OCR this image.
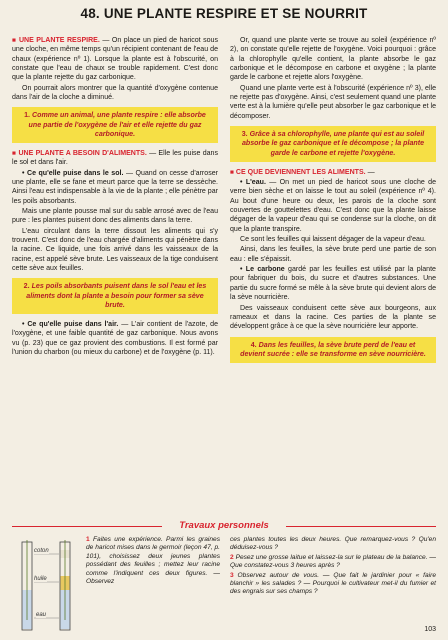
48. UNE PLANTE RESPIRE ET SE NOURRIT

■ UNE PLANTE RESPIRE. — On place un pied de haricot sous une cloche, en même temps qu'un récipient contenant de l'eau de chaux (expérience nº 1). Lorsque la plante est à l'obscurité, on constate que l'eau de chaux se trouble rapidement. C'est donc que la plante rejette du gaz carbonique.

On pourrait alors montrer que la quantité d'oxygène contenue dans l'air de la cloche a diminué.

1. Comme un animal, une plante respire : elle absorbe une partie de l'oxygène de l'air et elle rejette du gaz carbonique.

■ UNE PLANTE A BESOIN D'ALIMENTS. — Elle les puise dans le sol et dans l'air.

• Ce qu'elle puise dans le sol. — Quand on cesse d'arroser une plante, elle se fane et meurt parce que la terre se dessèche. Ainsi l'eau est indispensable à la vie de la plante ; elle pénètre par les poils absorbants.

Mais une plante pousse mal sur du sable arrosé avec de l'eau pure : les plantes puisent donc des aliments dans la terre.

L'eau circulant dans la terre dissout les aliments qui s'y trouvent. C'est donc de l'eau chargée d'aliments qui pénètre dans la racine. Ce liquide, une fois arrivé dans les vaisseaux de la racine, est appelé sève brute. Les vaisseaux de la tige conduisent cette sève aux feuilles.

2. Les poils absorbants puisent dans le sol l'eau et les aliments dont la plante a besoin pour former sa sève brute.

• Ce qu'elle puise dans l'air. — L'air contient de l'azote, de l'oxygène, et une faible quantité de gaz carbonique. Nous avons vu (p. 23) que ce gaz provient des combustions. Il est formé par l'union du charbon (ou mieux du carbone) et de l'oxygène (p. 11).

Or, quand une plante verte se trouve au soleil (expérience nº 2), on constate qu'elle rejette de l'oxygène. Voici pourquoi : grâce à la chlorophylle qu'elle contient, la plante absorbe le gaz carbonique et le décompose en carbone et oxygène ; la plante garde le carbone et rejette alors l'oxygène.

Quand une plante verte est à l'obscurité (expérience nº 3), elle ne rejette pas d'oxygène. Ainsi, c'est seulement quand une plante verte est à la lumière qu'elle peut absorber le gaz carbonique et le décomposer.

3. Grâce à sa chlorophylle, une plante qui est au soleil absorbe le gaz carbonique et le décompose ; la plante garde le carbone et rejette l'oxygène.

■ CE QUE DEVIENNENT LES ALIMENTS. —

• L'eau. — On met un pied de haricot sous une cloche de verre bien sèche et on laisse le tout au soleil (expérience nº 4). Au bout d'une heure ou deux, les parois de la cloche sont couvertes de gouttelettes d'eau. C'est donc que la plante laisse dégager de la vapeur d'eau qui se condense sur la cloche, on dit que la plante transpire.

Ce sont les feuilles qui laissent dégager de la vapeur d'eau.

Ainsi, dans les feuilles, la sève brute perd une partie de son eau : elle s'épaissit.

• Le carbone gardé par les feuilles est utilisé par la plante pour fabriquer du bois, du sucre et d'autres substances. Une partie du sucre formé se mêle à la sève brute qui devient alors de la sève nourricière.

Des vaisseaux conduisent cette sève aux bourgeons, aux rameaux et dans la racine. Ces parties de la plante se développent grâce à ce que la sève nourricière leur apporte.

4. Dans les feuilles, la sève brute perd de l'eau et devient sucrée : elle se transforme en sève nourricière.
Travaux personnels
coton
huile
eau

1 Faites une expérience. Parmi les graines de haricot mises dans le germoir (leçon 47, p. 101), choisissez deux jeunes plantes possédant des feuilles ; mettez leur racine comme l'indiquent ces deux figures. — Observez

ces plantes toutes les deux heures. Que remarquez-vous ? Qu'en déduisez-vous ?

2 Pesez une grosse laitue et laissez-la sur le plateau de la balance. — Que constatez-vous 3 heures après ?

3 Observez autour de vous. — Que fait le jardinier pour « faire blanchir » les salades ? — Pourquoi le cultivateur met-il du fumier et des engrais sur ses champs ?

103
